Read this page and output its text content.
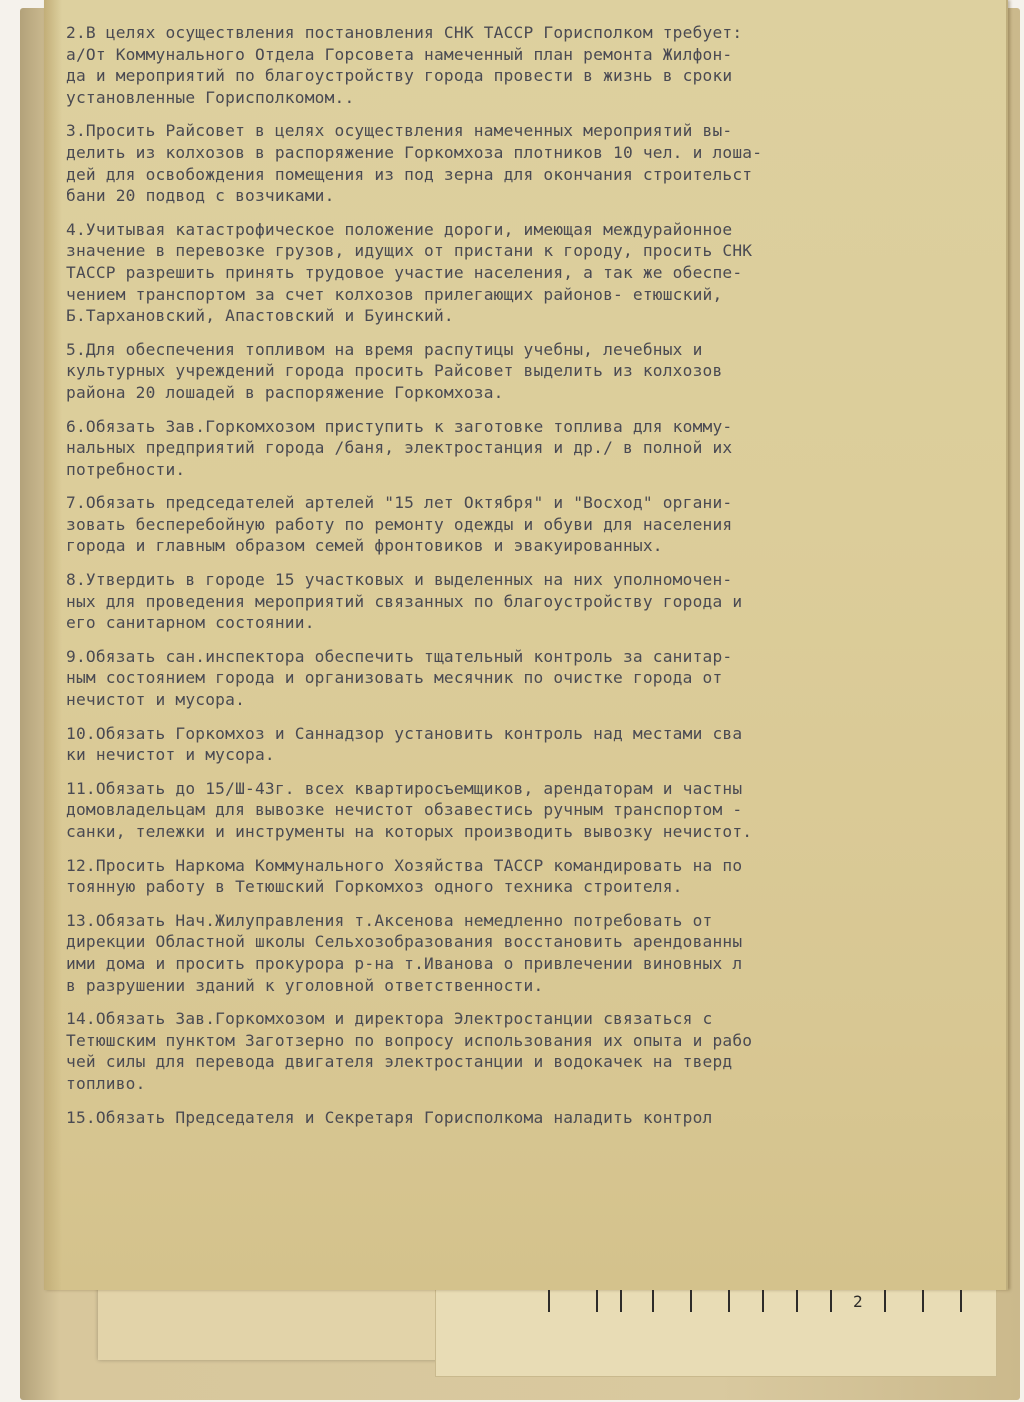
2.В целях осуществления постановления СНК ТАССР Горисполком требует:
а/От Коммунального Отдела Горсовета намеченный план ремонта Жилфон-
да и мероприятий по благоустройству города провести в жизнь в сроки
установленные Горисполкомом..
3.Просить Райсовет в целях осуществления намеченных мероприятий вы-
делить из колхозов в распоряжение Горкомхоза плотников 10 чел. и лоша-
дей для освобождения помещения из под зерна для окончания строительст
бани 20 подвод с возчиками.
4.Учитывая катастрофическое положение дороги, имеющая междурайонное
значение в перевозке грузов, идущих от пристани к городу, просить СНК
ТАССР разрешить принять трудовое участие населения, а так же обеспе-
чением транспортом за счет колхозов прилегающих районов- етюшский,
Б.Тархановский, Апастовский и Буинский.
5.Для обеспечения топливом на время распутицы учебны, лечебных и
культурных учреждений города просить Райсовет выделить из колхозов
района 20 лошадей в распоряжение Горкомхоза.
6.Обязать Зав.Горкомхозом приступить к заготовке топлива для комму-
нальных предприятий города /баня, электростанция и др./ в полной их
потребности.
7.Обязать председателей артелей "15 лет Октября" и "Восход" органи-
зовать бесперебойную работу по ремонту одежды и обуви для населения
города и главным образом семей фронтовиков и эвакуированных.
8.Утвердить в городе 15 участковых и выделенных на них уполномочен-
ных для проведения мероприятий связанных по благоустройству города и
его санитарном состоянии.
9.Обязать сан.инспектора обеспечить тщательный контроль за санитар-
ным состоянием города и организовать месячник по очистке города от
нечистот и мусора.
10.Обязать Горкомхоз и Саннадзор установить контроль над местами сва
ки нечистот и мусора.
11.Обязать до 15/Ш-43г. всех квартиросъемщиков, арендаторам и частны
домовладельцам для вывозке нечистот обзавестись ручным транспортом -
санки, тележки и инструменты на которых производить вывозку нечистот.
12.Просить Наркома Коммунального Хозяйства ТАССР командировать на по
тоянную работу в Тетюшский Горкомхоз одного техника строителя.
13.Обязать Нач.Жилуправления т.Аксенова немедленно потребовать от
дирекции Областной школы Сельхозобразования восстановить арендованны
ими дома и просить прокурора р-на т.Иванова о привлечении виновных л
в разрушении зданий к уголовной ответственности.
14.Обязать Зав.Горкомхозом и директора Электростанции связаться с
Тетюшским пунктом Заготзерно по вопросу использования их опыта и рабо
чей силы для перевода двигателя электростанции и водокачек на тверд
топливо.
15.Обязать Председателя и Секретаря Горисполкома наладить контрол
2
